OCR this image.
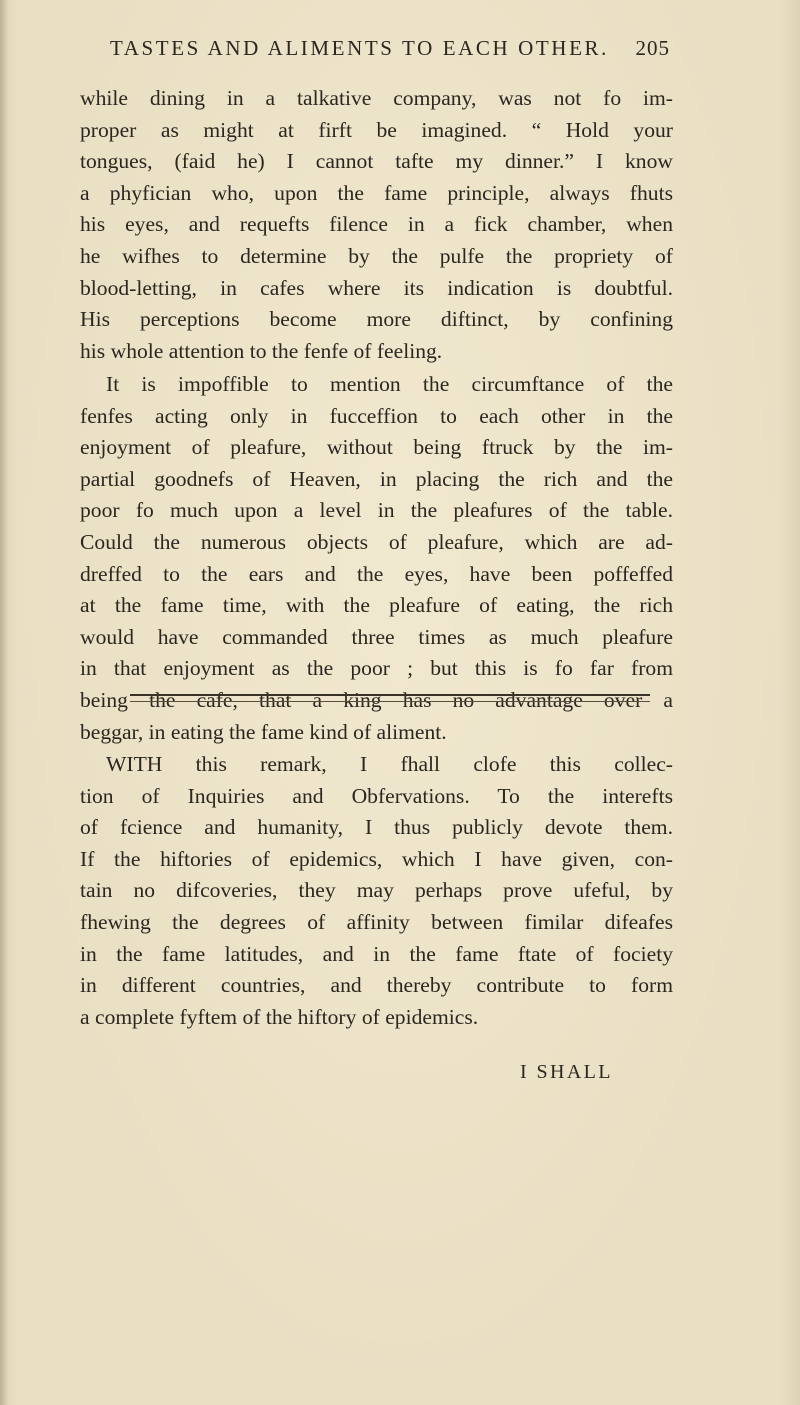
TASTES AND ALIMENTS TO EACH OTHER. 205
while dining in a talkative company, was not fo im-
proper as might at firft be imagined. “ Hold your
tongues, (faid he) I cannot tafte my dinner.” I know
a phyfician who, upon the fame principle, always fhuts
his eyes, and requefts filence in a fick chamber, when
he wifhes to determine by the pulfe the propriety of
blood-letting, in cafes where its indication is doubtful.
His perceptions become more diftinct, by confining
his whole attention to the fenfe of feeling.
It is impoffible to mention the circumftance of the
fenfes acting only in fucceffion to each other in the
enjoyment of pleafure, without being ftruck by the im-
partial goodnefs of Heaven, in placing the rich and the
poor fo much upon a level in the pleafures of the table.
Could the numerous objects of pleafure, which are ad-
dreffed to the ears and the eyes, have been poffeffed
at the fame time, with the pleafure of eating, the rich
would have commanded three times as much pleafure
in that enjoyment as the poor ; but this is fo far from
being the cafe, that a king has no advantage over a
beggar, in eating the fame kind of aliment.
WITH this remark, I fhall clofe this collec-
tion of Inquiries and Obfervations. To the interefts
of fcience and humanity, I thus publicly devote them.
If the hiftories of epidemics, which I have given, con-
tain no difcoveries, they may perhaps prove ufeful, by
fhewing the degrees of affinity between fimilar difeafes
in the fame latitudes, and in the fame ftate of fociety
in different countries, and thereby contribute to form
a complete fyftem of the hiftory of epidemics.
I SHALL
